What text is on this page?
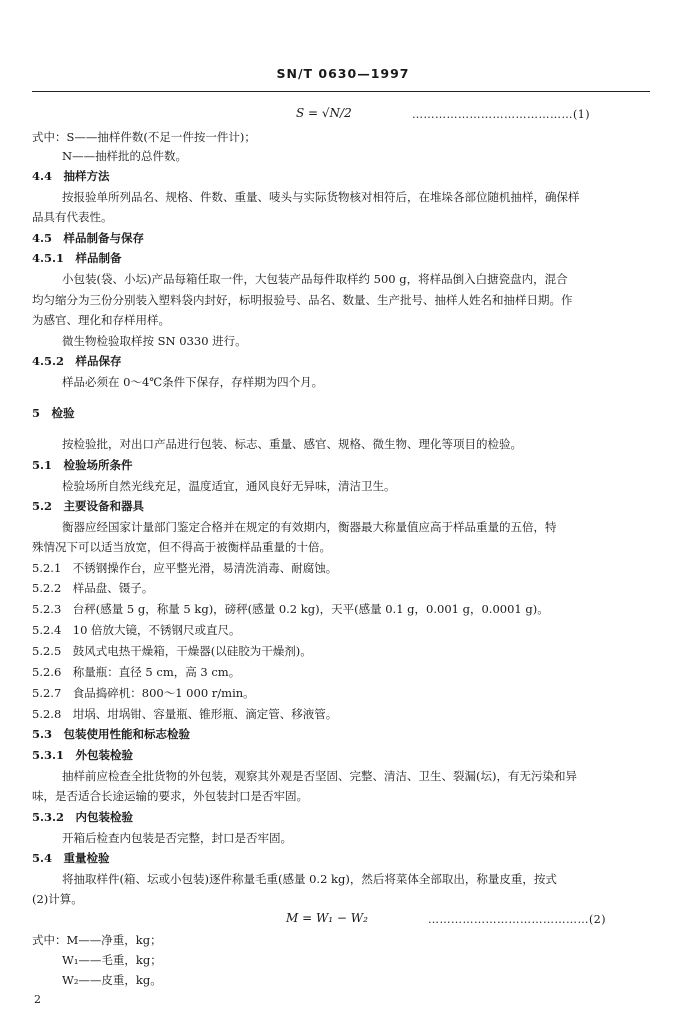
SN/T 0630—1997
S = √N/2	……………………………………(1)
式中：S——抽样件数(不足一件按一件计)；
N——抽样批的总件数。
4.4　抽样方法
按报验单所列品名、规格、件数、重量、唛头与实际货物核对相符后，在堆垛各部位随机抽样，确保样
品具有代表性。
4.5　样品制备与保存
4.5.1　样品制备
小包装(袋、小坛)产品每箱任取一件，大包装产品每件取样约 500 g，将样品倒入白搪瓷盘内，混合
均匀缩分为三份分别装入塑料袋内封好，标明报验号、品名、数量、生产批号、抽样人姓名和抽样日期。作
为感官、理化和存样用样。
微生物检验取样按 SN 0330 进行。
4.5.2　样品保存
样品必须在 0～4℃条件下保存，存样期为四个月。
5　检验
按检验批，对出口产品进行包装、标志、重量、感官、规格、微生物、理化等项目的检验。
5.1　检验场所条件
检验场所自然光线充足，温度适宜，通风良好无异味，清洁卫生。
5.2　主要设备和器具
衡器应经国家计量部门鉴定合格并在规定的有效期内，衡器最大称量值应高于样品重量的五倍，特
殊情况下可以适当放宽，但不得高于被衡样品重量的十倍。
5.2.1　不锈钢操作台，应平整光滑，易清洗消毒、耐腐蚀。
5.2.2　样品盘、镊子。
5.2.3　台秤(感量 5 g，称量 5 kg)，磅秤(感量 0.2 kg)，天平(感量 0.1 g，0.001 g，0.0001 g)。
5.2.4　10 倍放大镜，不锈钢尺或直尺。
5.2.5　鼓风式电热干燥箱，干燥器(以硅胶为干燥剂)。
5.2.6　称量瓶：直径 5 cm，高 3 cm。
5.2.7　食品捣碎机：800～1 000 r/min。
5.2.8　坩埚、坩埚钳、容量瓶、锥形瓶、滴定管、移液管。
5.3　包装使用性能和标志检验
5.3.1　外包装检验
抽样前应检查全批货物的外包装，观察其外观是否坚固、完整、清洁、卫生、裂漏(坛)，有无污染和异
味，是否适合长途运输的要求，外包装封口是否牢固。
5.3.2　内包装检验
开箱后检查内包装是否完整，封口是否牢固。
5.4　重量检验
将抽取样件(箱、坛或小包装)逐件称量毛重(感量 0.2 kg)，然后将菜体全部取出，称量皮重，按式
(2)计算。
M = W₁ − W₂	……………………………………(2)
式中：M——净重，kg；
W₁——毛重，kg；
W₂——皮重，kg。
2
